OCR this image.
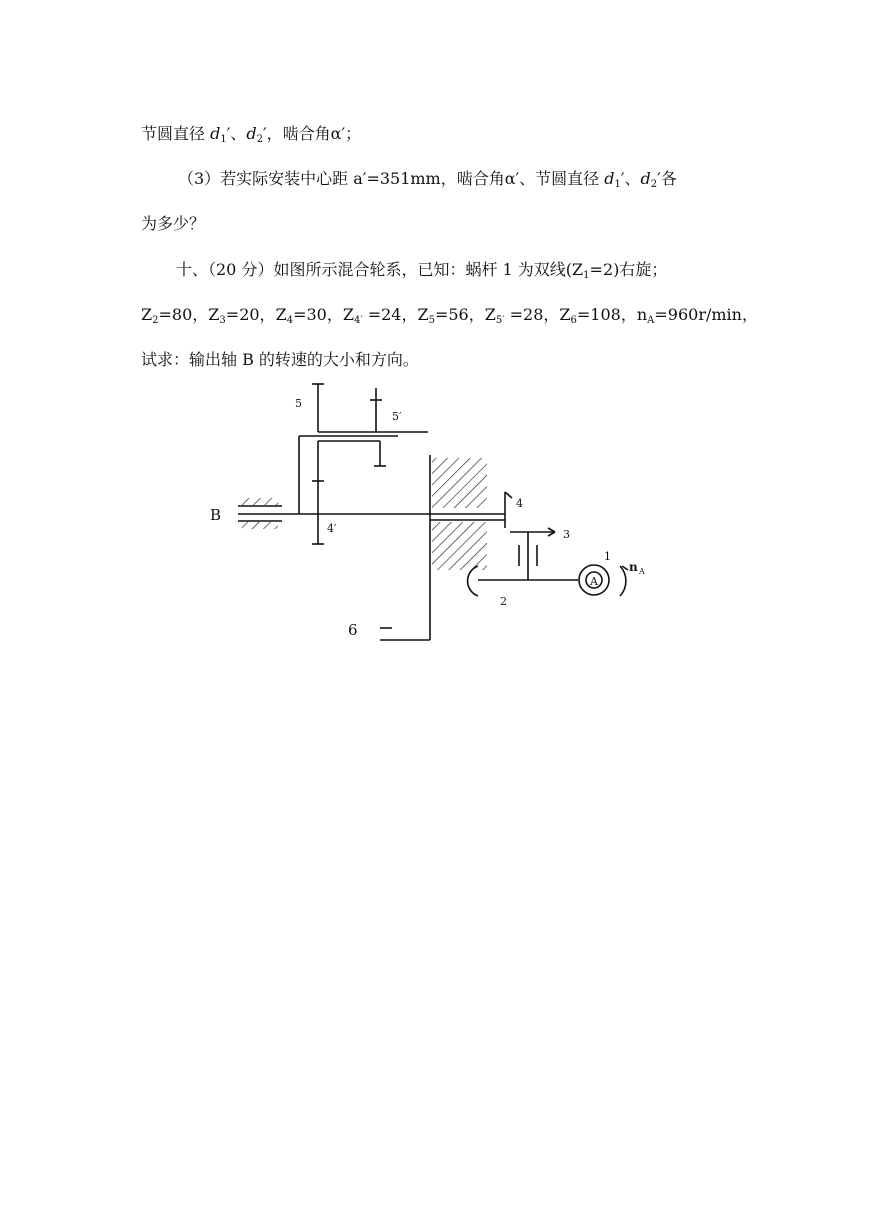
节圆直径 $d_1'$、$d_2'$，啮合角α′；
（3）若实际安装中心距 a′=351mm，啮合角α′、节圆直径 $d_1'$、$d_2'$各
为多少？
十、（20 分）如图所示混合轮系，已知：蜗杆 1 为双线$(Z_1=2)$右旋；
$Z_2=80$，$Z_3=20$，$Z_4=30$，$Z_{4'} =24$，$Z_5=56$，$Z_{5'} =28$，$Z_6=108$，$n_A=960r/\min$，
试求：输出轴 B 的转速的大小和方向。
B
5
5′
4′
4
3
2
1
A
n A
6
